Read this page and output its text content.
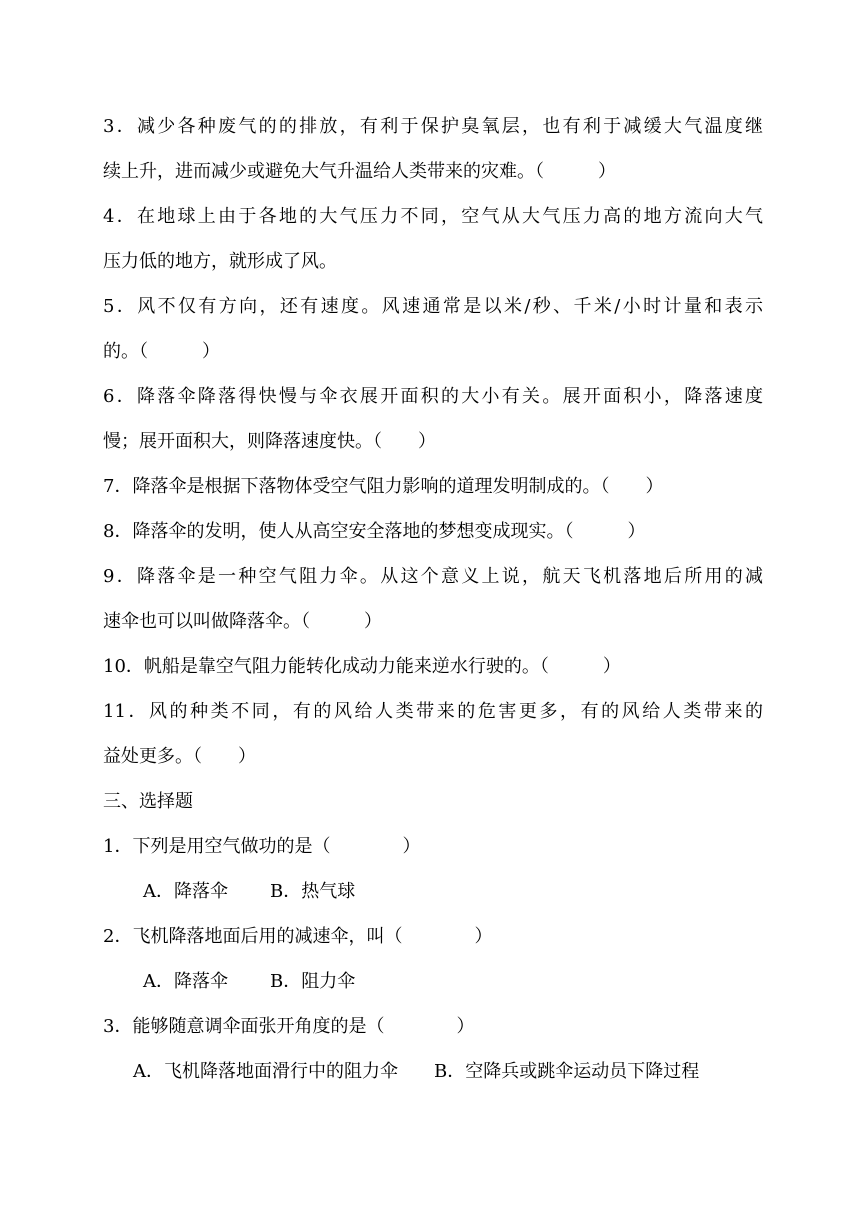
3．减少各种废气的的排放，有利于保护臭氧层，也有利于减缓大气温度继
续上升，进而减少或避免大气升温给人类带来的灾难。（　　　）
4．在地球上由于各地的大气压力不同，空气从大气压力高的地方流向大气
压力低的地方，就形成了风。
5．风不仅有方向，还有速度。风速通常是以米/秒、千米/小时计量和表示
的。（　　　）
6．降落伞降落得快慢与伞衣展开面积的大小有关。展开面积小，降落速度
慢；展开面积大，则降落速度快。（　　）
7．降落伞是根据下落物体受空气阻力影响的道理发明制成的。（　　）
8．降落伞的发明，使人从高空安全落地的梦想变成现实。（　　　）
9．降落伞是一种空气阻力伞。从这个意义上说，航天飞机落地后所用的减
速伞也可以叫做降落伞。（　　　）
10．帆船是靠空气阻力能转化成动力能来逆水行驶的。（　　　）
11．风的种类不同，有的风给人类带来的危害更多，有的风给人类带来的
益处更多。（　　）
三、选择题
1．下列是用空气做功的是（　　　　）
A．降落伞 B．热气球
2．飞机降落地面后用的减速伞，叫（　　　　）
A．降落伞 B．阻力伞
3．能够随意调伞面张开角度的是（　　　　）
A．飞机降落地面滑行中的阻力伞 B．空降兵或跳伞运动员下降过程
